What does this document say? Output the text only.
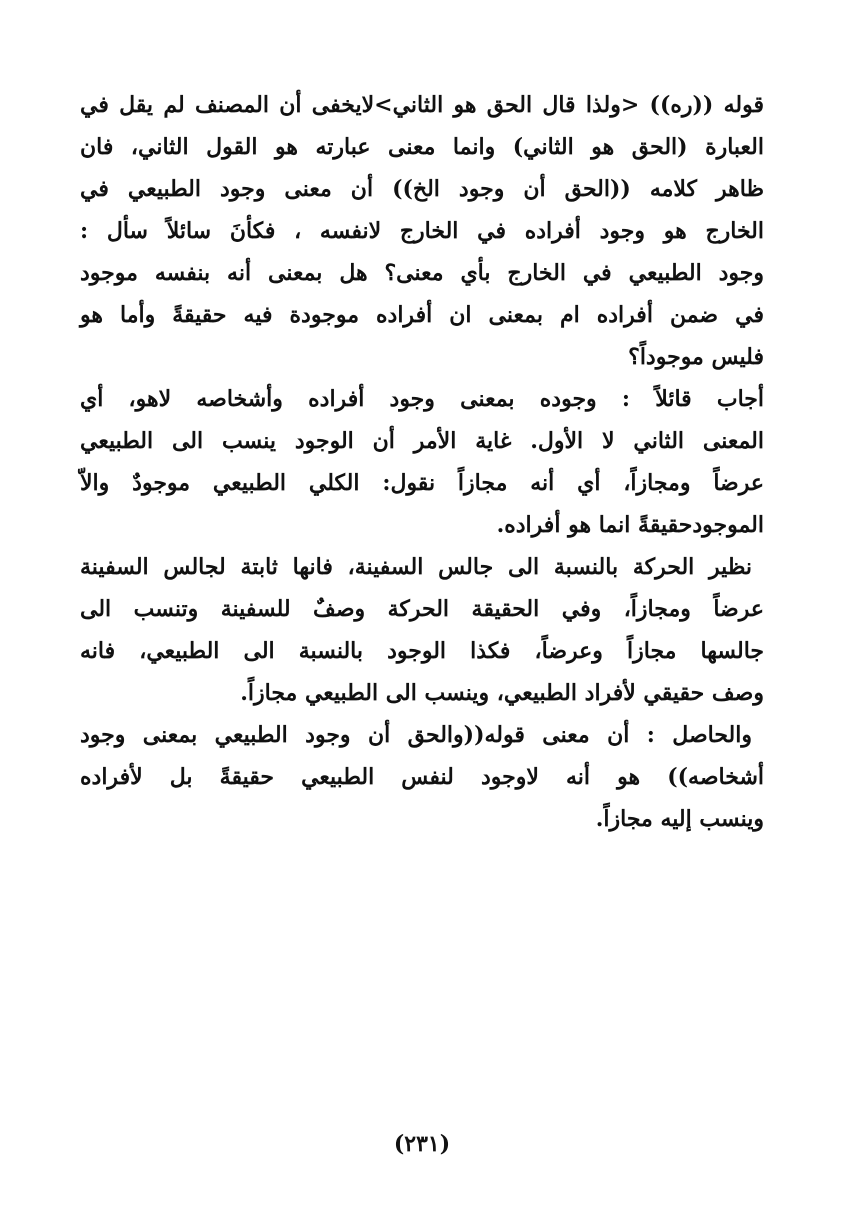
قوله ((ره)) <ولذا قال الحق هو الثاني>لايخفى أن المصنف لم يقل في
العبارة (الحق هو الثاني) وانما معنى عبارته هو القول الثاني، فان
ظاهر كلامه ((الحق أن وجود الخ)) أن معنى وجود الطبيعي في
الخارج هو وجود أفراده في الخارج لانفسه ، فكأنَ سائلاً سأل :
وجود الطبيعي في الخارج بأي معنى؟ هل بمعنى أنه بنفسه موجود
في ضمن أفراده ام بمعنى ان أفراده موجودة فيه حقيقةً وأما هو
فليس موجوداً؟
أجاب قائلاً : وجوده بمعنى وجود أفراده وأشخاصه لاهو، أي
المعنى الثاني لا الأول. غاية الأمر أن الوجود ينسب الى الطبيعي
عرضاً ومجازاً، أي أنه مجازاً نقول: الكلي الطبيعي موجودٌ والاّ
الموجودحقيقةً انما هو أفراده.
نظير الحركة بالنسبة الى جالس السفينة، فانها ثابتة لجالس السفينة
عرضاً ومجازاً، وفي الحقيقة الحركة وصفٌ للسفينة وتنسب الى
جالسها مجازاً وعرضاً، فكذا الوجود بالنسبة الى الطبيعي، فانه
وصف حقيقي لأفراد الطبيعي، وينسب الى الطبيعي مجازاً.
والحاصل : أن معنى قوله((والحق أن وجود الطبيعي بمعنى وجود
أشخاصه)) هو أنه لاوجود لنفس الطبيعي حقيقةً بل لأفراده
وينسب إليه مجازاً.
(٢٣١)
